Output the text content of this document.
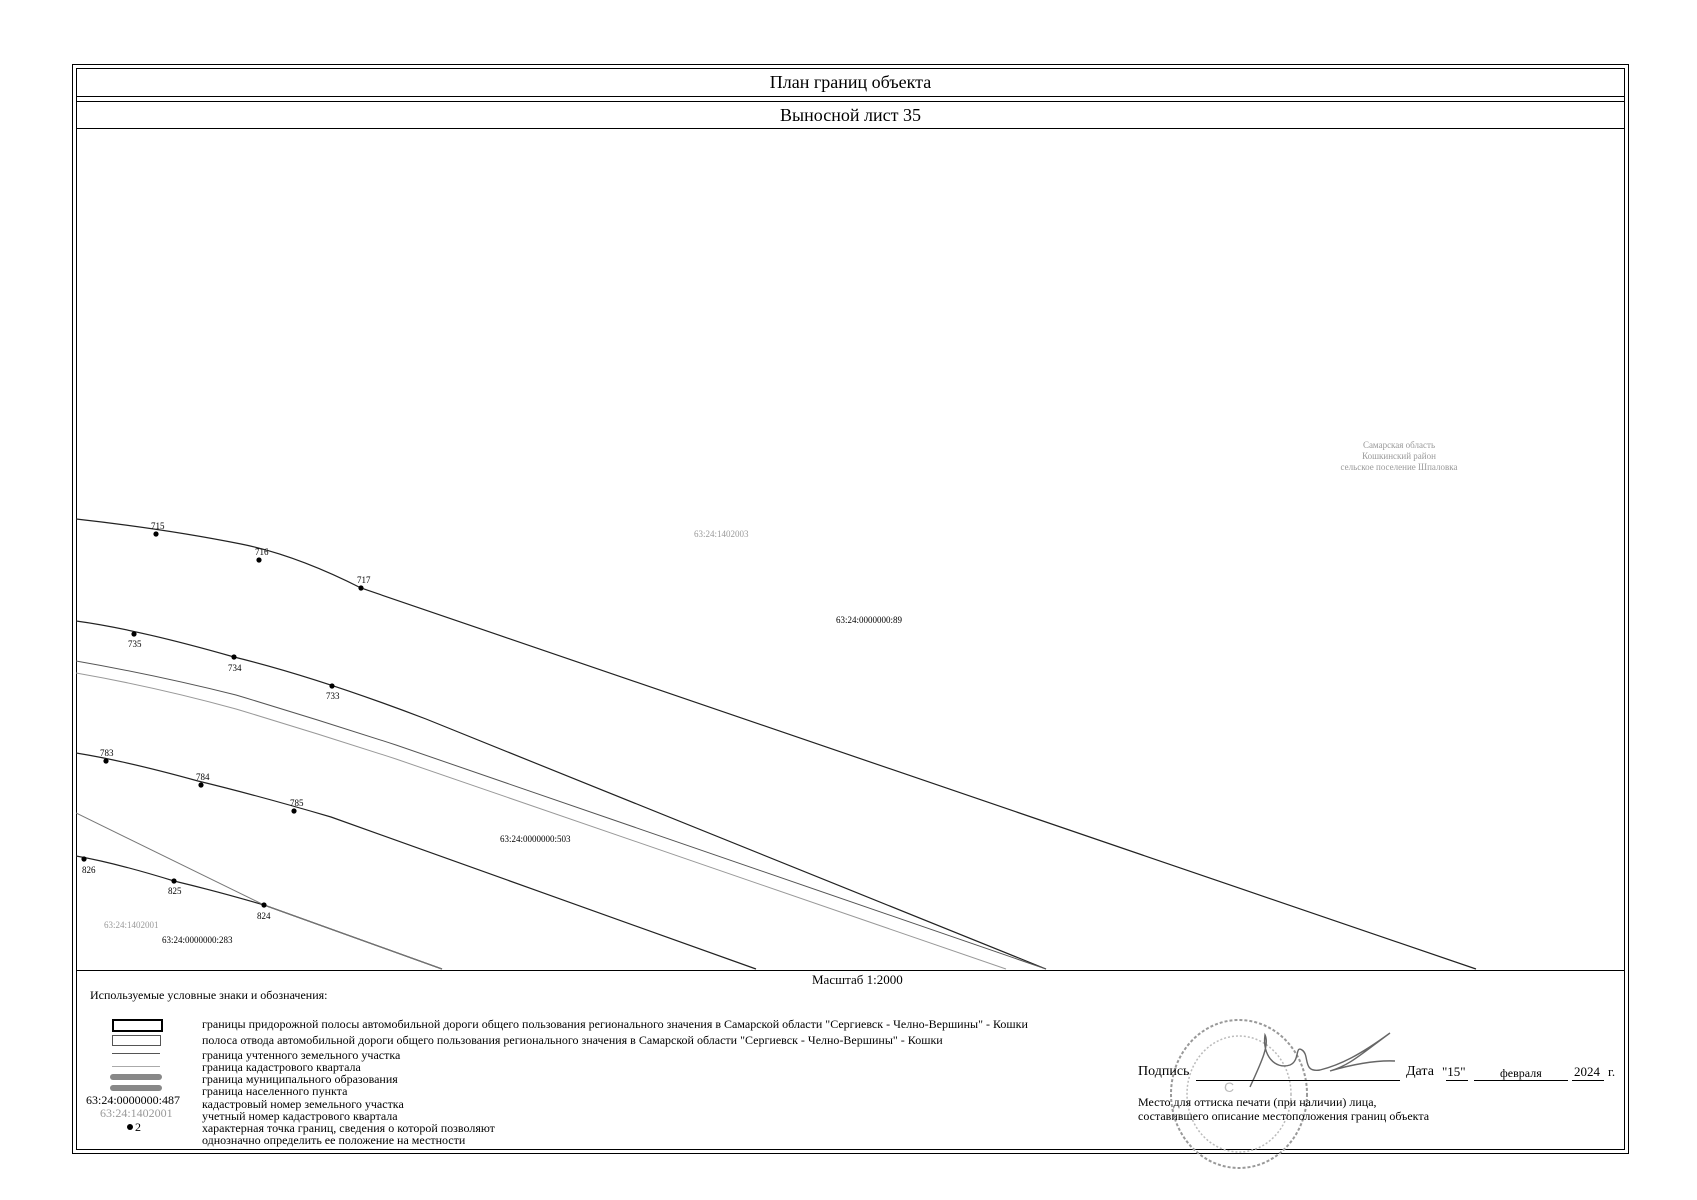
План границ объекта
Выносной лист 35
715
716
717
735
734
733
783
784
785
826
825
824
63:24:0000000:89
63:24:0000000:503
63:24:0000000:283
63:24:1402003
63:24:1402001
Самарская область
Кошкинский район
сельское поселение Шпаловка
Масштаб 1:2000
Используемые условные знаки и обозначения:
63:24:0000000:487
63:24:1402001
2
границы придорожной полосы автомобильной дороги общего пользования регионального значения в Самарской области "Сергиевск - Челно-Вершины" - Кошки
полоса отвода автомобильной дороги общего пользования регионального значения в Самарской области "Сергиевск - Челно-Вершины" - Кошки
граница учтенного земельного участка
граница кадастрового квартала
граница муниципального образования
граница населенного пункта
кадастровый номер земельного участка
учетный номер кадастрового квартала
характерная точка границ, сведения о которой позволяют
однозначно определить ее положение на местности
С
Подпись	Дата "15"	февраля 2024 г.
Место для оттиска печати (при наличии) лица,
составившего описание местоположения границ объекта
